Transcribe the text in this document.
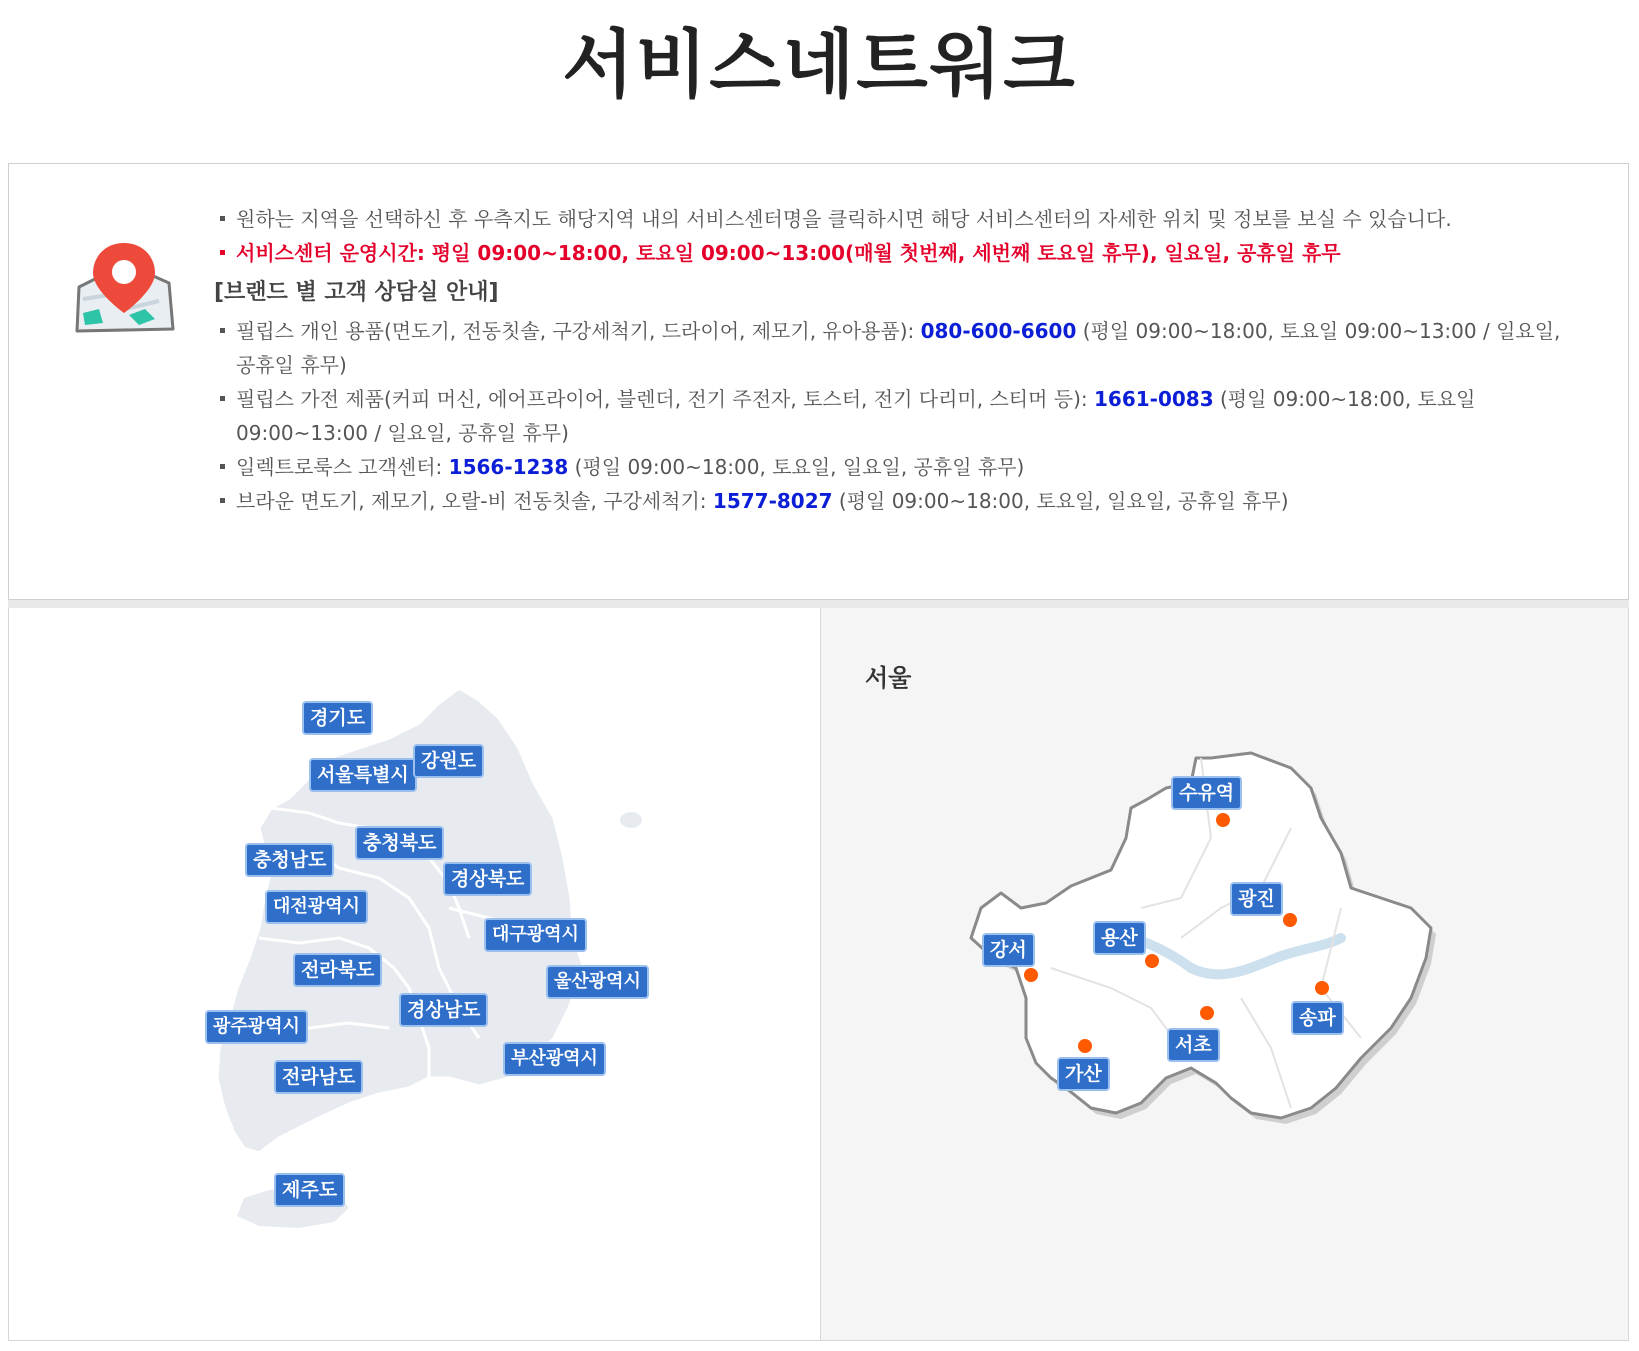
서비스네트워크
원하는 지역을 선택하신 후 우측지도 해당지역 내의 서비스센터명을 클릭하시면 해당 서비스센터의 자세한 위치 및 정보를 보실 수 있습니다.
서비스센터 운영시간: 평일 09:00~18:00, 토요일 09:00~13:00(매월 첫번째, 세번째 토요일 휴무), 일요일, 공휴일 휴무
[브랜드 별 고객 상담실 안내]
필립스 개인 용품(면도기, 전동칫솔, 구강세척기, 드라이어, 제모기, 유아용품): 080-600-6600 (평일 09:00~18:00, 토요일 09:00~13:00 / 일요일, 공휴일 휴무)
필립스 가전 제품(커피 머신, 에어프라이어, 블렌더, 전기 주전자, 토스터, 전기 다리미, 스티머 등): 1661-0083 (평일 09:00~18:00, 토요일 09:00~13:00 / 일요일, 공휴일 휴무)
일렉트로룩스 고객센터: 1566-1238 (평일 09:00~18:00, 토요일, 일요일, 공휴일 휴무)
브라운 면도기, 제모기, 오랄-비 전동칫솔, 구강세척기: 1577-8027 (평일 09:00~18:00, 토요일, 일요일, 공휴일 휴무)
경기도
서울특별시
강원도
충청북도
충청남도
경상북도
대전광역시
대구광역시
전라북도
울산광역시
경상남도
광주광역시
부산광역시
전라남도
제주도
서울
수유역
광진
강서
용산
송파
서초
가산
